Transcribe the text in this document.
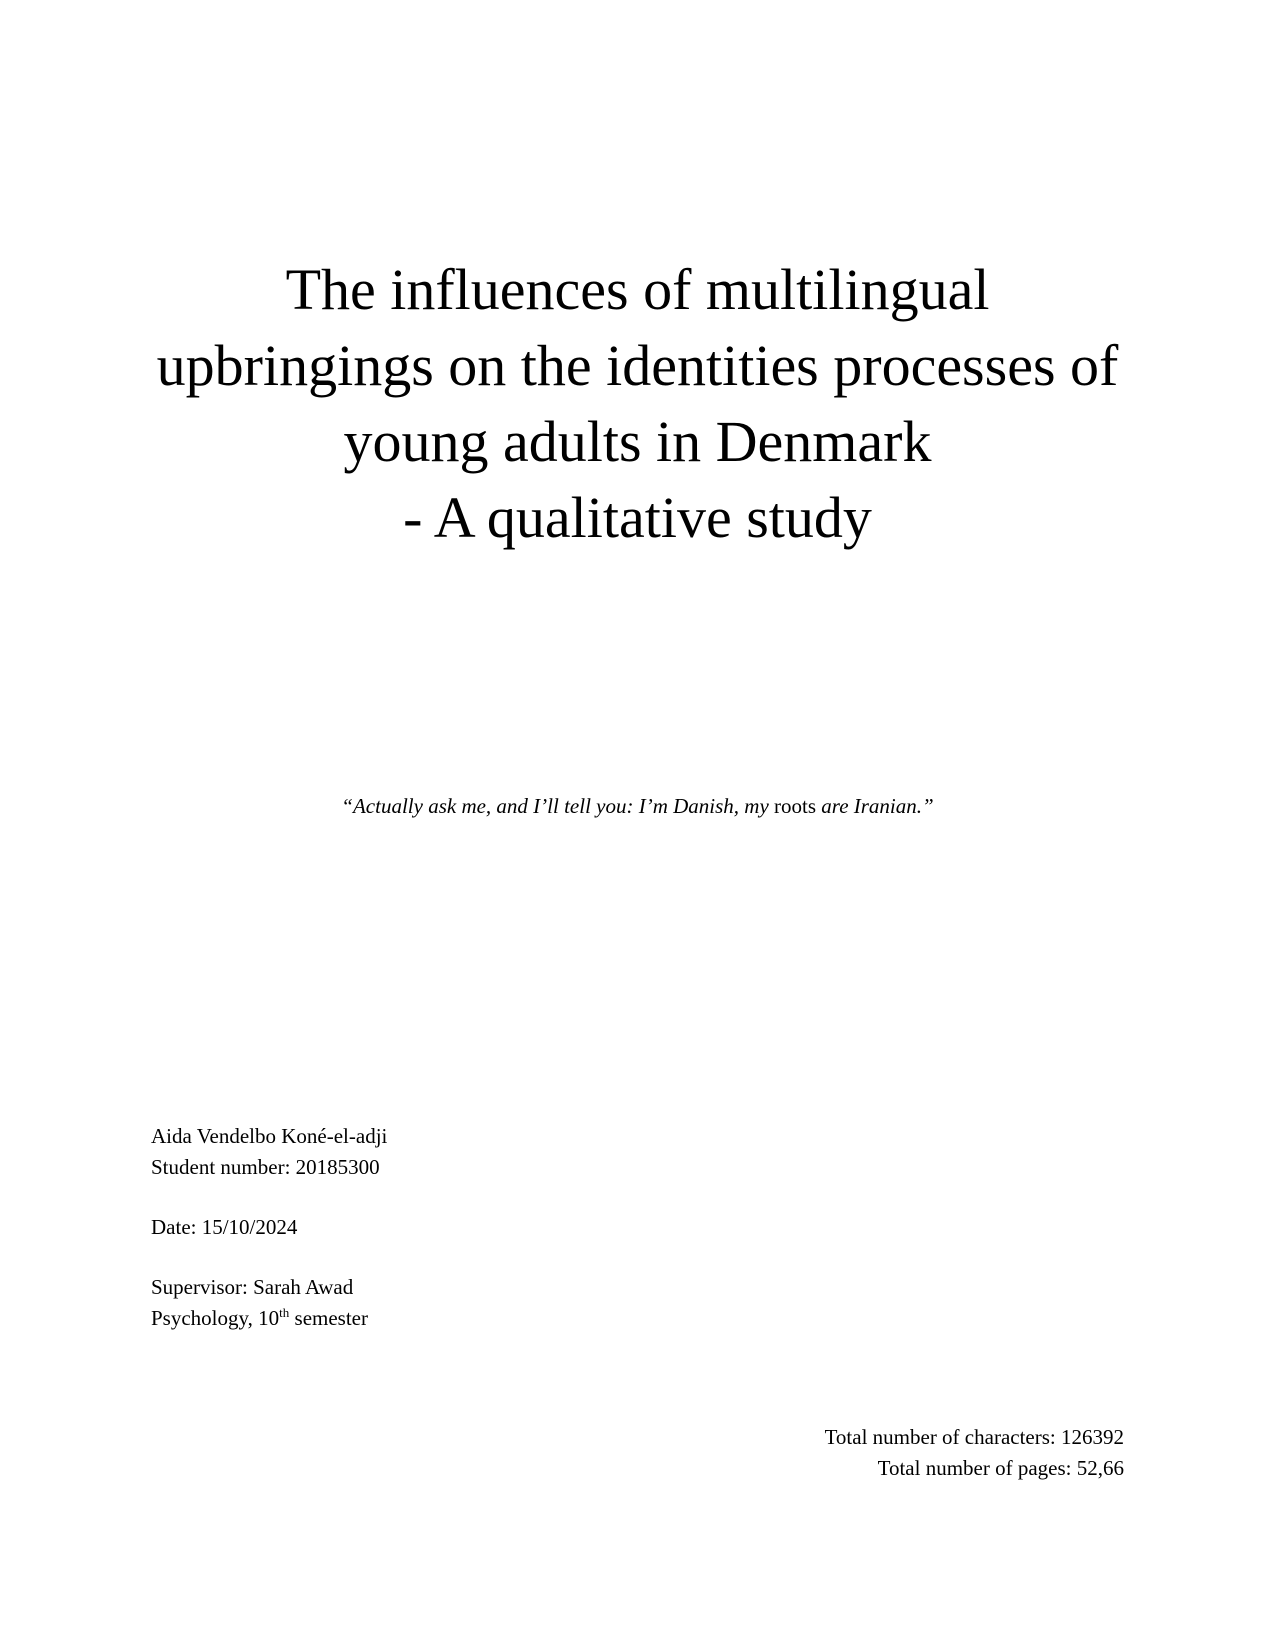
The influences of multilingual
upbringings on the identities processes of
young adults in Denmark
- A qualitative study
“Actually ask me, and I’ll tell you: I’m Danish, my roots are Iranian.”
Aida Vendelbo Koné-el-adji
Student number: 20185300
Date: 15/10/2024
Supervisor: Sarah Awad
Psychology, 10th semester
Total number of characters: 126392
Total number of pages: 52,66
